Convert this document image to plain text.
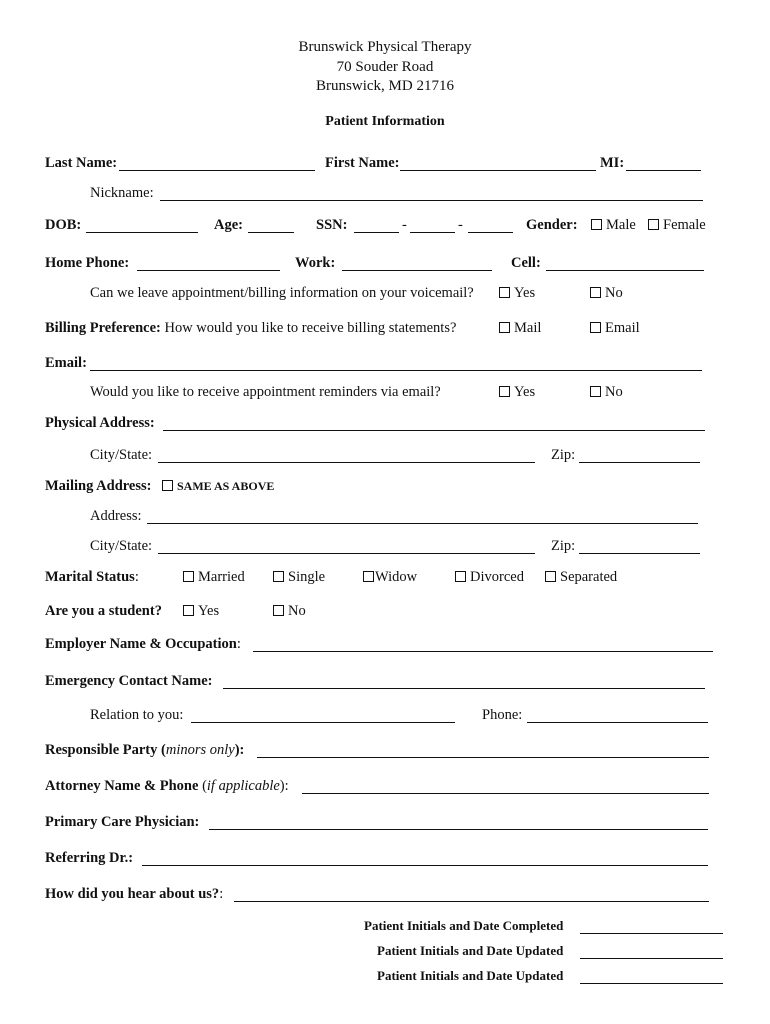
Brunswick Physical Therapy
70 Souder Road
Brunswick, MD 21716
Patient Information
Last Name:	First Name:	MI:
Nickname:
DOB:	Age:	SSN:	-	-	Gender:	Male	Female
Home Phone:	Work:	Cell:
Can we leave appointment/billing information on your voicemail?	Yes	No
Billing Preference: How would you like to receive billing statements?	Mail	Email
Email:
Would you like to receive appointment reminders via email?	Yes	No
Physical Address:
City/State:	Zip:
Mailing Address:	SAME AS ABOVE
Address:
City/State:	Zip:
Marital Status:	Married	Single	Widow	Divorced	Separated
Are you a student?	Yes	No
Employer Name & Occupation:
Emergency Contact Name:
Relation to you:	Phone:
Responsible Party (minors only):
Attorney Name & Phone (if applicable):
Primary Care Physician:
Referring Dr.:
How did you hear about us?:
Patient Initials and Date Completed
Patient Initials and Date Updated
Patient Initials and Date Updated
